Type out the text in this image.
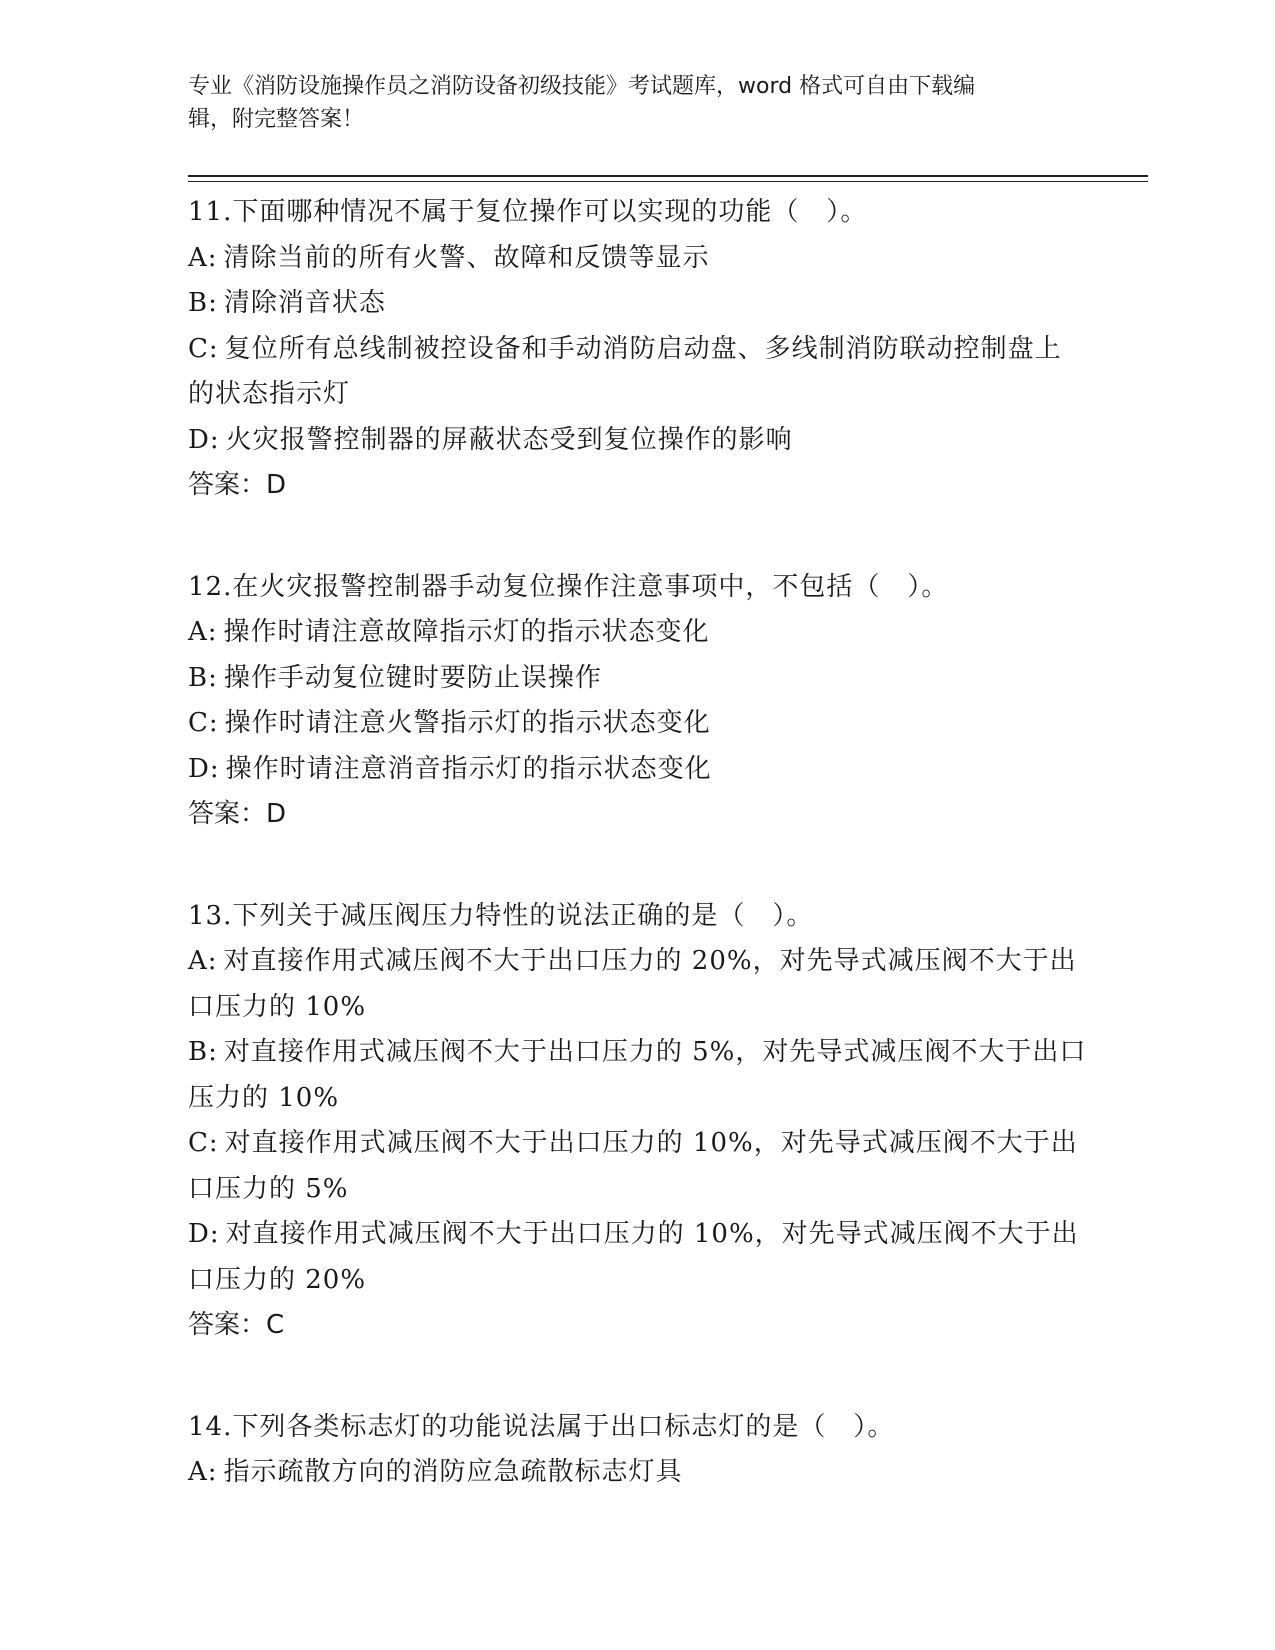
专业《消防设施操作员之消防设备初级技能》考试题库，word 格式可自由下载编
辑，附完整答案！
11.下面哪种情况不属于复位操作可以实现的功能（　）。
A: 清除当前的所有火警、故障和反馈等显示
B: 清除消音状态
C: 复位所有总线制被控设备和手动消防启动盘、多线制消防联动控制盘上的状态指示灯
D: 火灾报警控制器的屏蔽状态受到复位操作的影响
答案：D
12.在火灾报警控制器手动复位操作注意事项中，不包括（　）。
A: 操作时请注意故障指示灯的指示状态变化
B: 操作手动复位键时要防止误操作
C: 操作时请注意火警指示灯的指示状态变化
D: 操作时请注意消音指示灯的指示状态变化
答案：D
13.下列关于减压阀压力特性的说法正确的是（　）。
A: 对直接作用式减压阀不大于出口压力的 20%，对先导式减压阀不大于出口压力的 10%
B: 对直接作用式减压阀不大于出口压力的 5%，对先导式减压阀不大于出口压力的 10%
C: 对直接作用式减压阀不大于出口压力的 10%，对先导式减压阀不大于出口压力的 5%
D: 对直接作用式减压阀不大于出口压力的 10%，对先导式减压阀不大于出口压力的 20%
答案：C
14.下列各类标志灯的功能说法属于出口标志灯的是（　）。
A: 指示疏散方向的消防应急疏散标志灯具
